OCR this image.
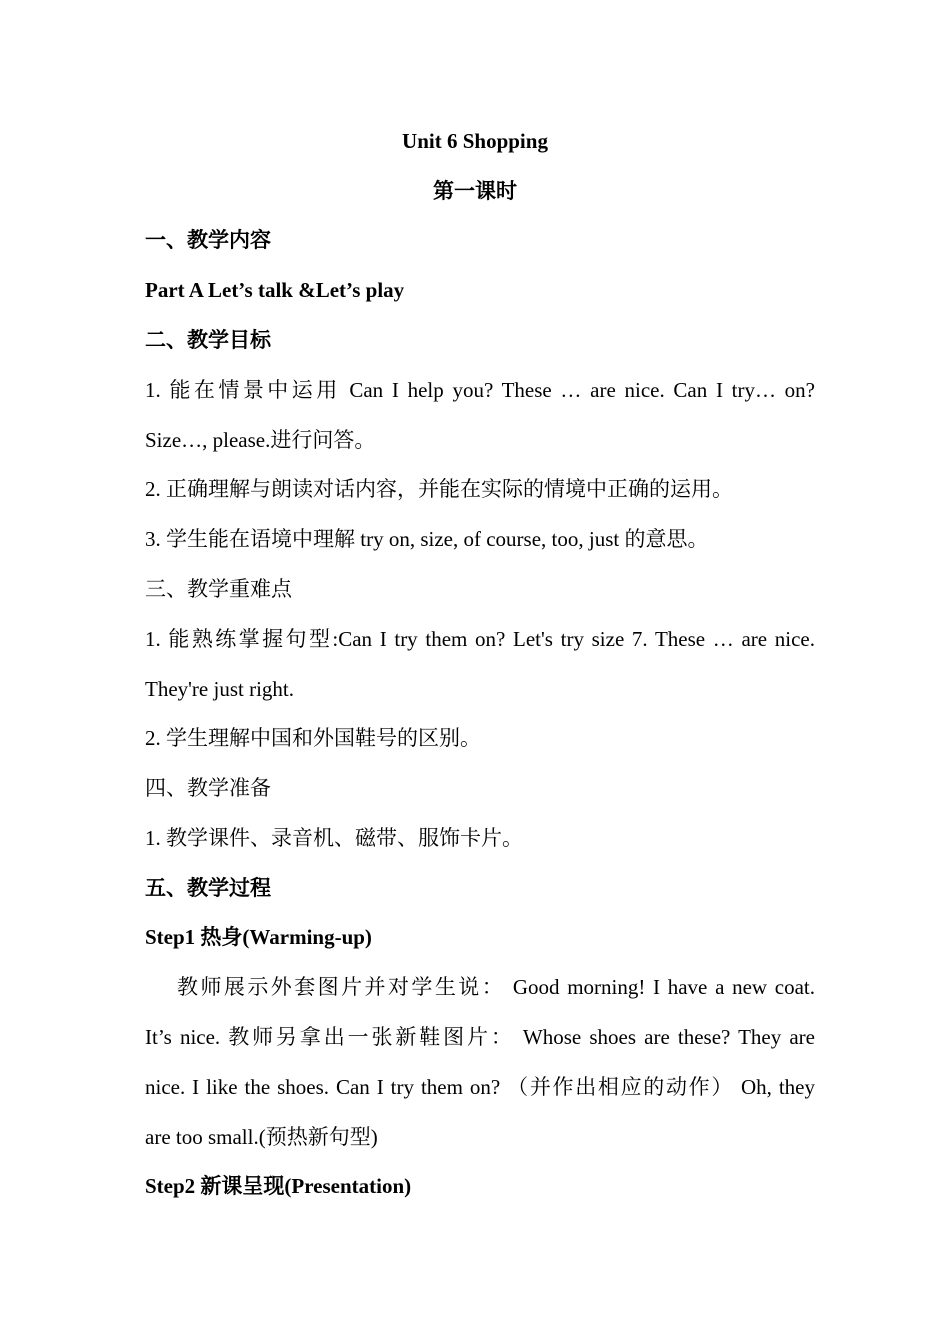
Unit 6 Shopping
第一课时
一、教学内容
Part A Let’s talk &Let’s play
二、教学目标
1. 能在情景中运用 Can I help you? These … are nice. Can I try… on?
Size…, please.进行问答。
2. 正确理解与朗读对话内容，并能在实际的情境中正确的运用。
3. 学生能在语境中理解 try on, size, of course, too, just 的意思。
三、教学重难点
1. 能熟练掌握句型:Can I try them on? Let's try size 7. These … are nice.
They're just right.
2. 学生理解中国和外国鞋号的区别。
四、教学准备
1. 教学课件、录音机、磁带、服饰卡片。
五、教学过程
Step1 热身(Warming-up)
教师展示外套图片并对学生说： Good morning! I have a new coat.
It’s nice. 教师另拿出一张新鞋图片： Whose shoes are these? They are
nice. I like the shoes. Can I try them on? （并作出相应的动作） Oh, they
are too small.(预热新句型)
Step2 新课呈现(Presentation)
